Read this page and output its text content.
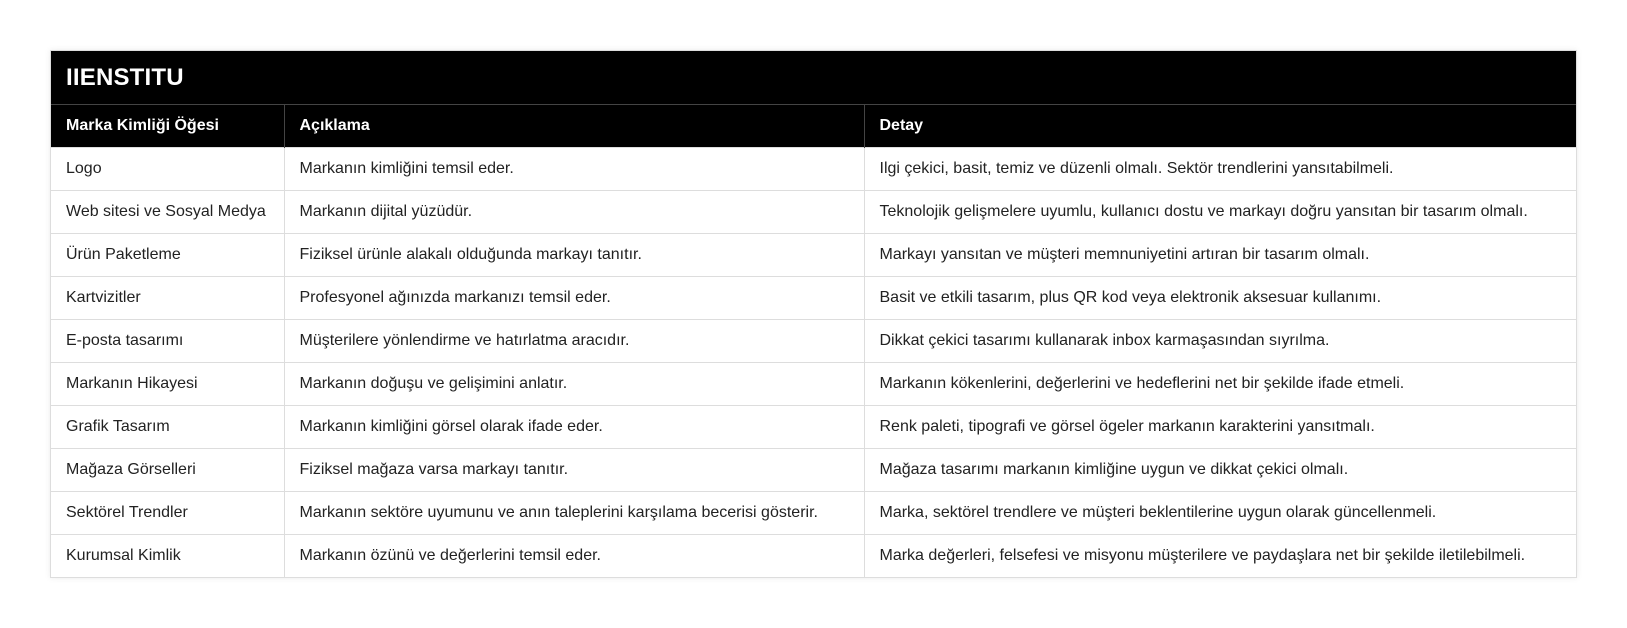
IIENSTITU		
Marka Kimliği Öğesi	Açıklama	Detay
Logo	Markanın kimliğini temsil eder.	Ilgi çekici, basit, temiz ve düzenli olmalı. Sektör trendlerini yansıtabilmeli.
Web sitesi ve Sosyal Medya	Markanın dijital yüzüdür.	Teknolojik gelişmelere uyumlu, kullanıcı dostu ve markayı doğru yansıtan bir tasarım olmalı.
Ürün Paketleme	Fiziksel ürünle alakalı olduğunda markayı tanıtır.	Markayı yansıtan ve müşteri memnuniyetini artıran bir tasarım olmalı.
Kartvizitler	Profesyonel ağınızda markanızı temsil eder.	Basit ve etkili tasarım, plus QR kod veya elektronik aksesuar kullanımı.
E-posta tasarımı	Müşterilere yönlendirme ve hatırlatma aracıdır.	Dikkat çekici tasarımı kullanarak inbox karmaşasından sıyrılma.
Markanın Hikayesi	Markanın doğuşu ve gelişimini anlatır.	Markanın kökenlerini, değerlerini ve hedeflerini net bir şekilde ifade etmeli.
Grafik Tasarım	Markanın kimliğini görsel olarak ifade eder.	Renk paleti, tipografi ve görsel ögeler markanın karakterini yansıtmalı.
Mağaza Görselleri	Fiziksel mağaza varsa markayı tanıtır.	Mağaza tasarımı markanın kimliğine uygun ve dikkat çekici olmalı.
Sektörel Trendler	Markanın sektöre uyumunu ve anın taleplerini karşılama becerisi gösterir.	Marka, sektörel trendlere ve müşteri beklentilerine uygun olarak güncellenmeli.
Kurumsal Kimlik	Markanın özünü ve değerlerini temsil eder.	Marka değerleri, felsefesi ve misyonu müşterilere ve paydaşlara net bir şekilde iletilebilmeli.
